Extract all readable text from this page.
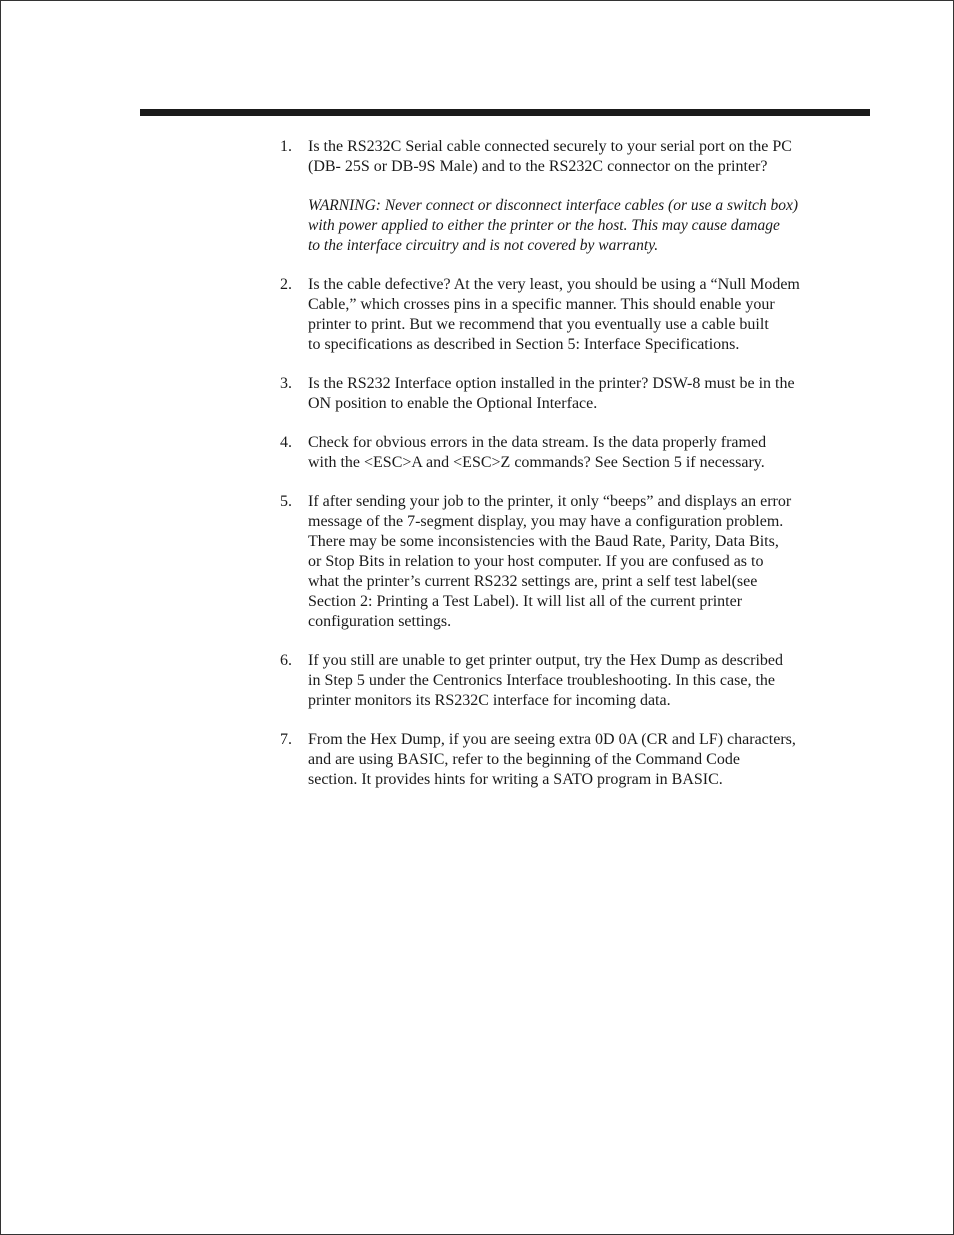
1. Is the RS232C Serial cable connected securely to your serial port on the PC
(DB- 25S or DB-9S Male) and to the RS232C connector on the printer?
WARNING: Never connect or disconnect interface cables (or use a switch box)
with power applied to either the printer or the host. This may cause damage
to the interface circuitry and is not covered by warranty.
2. Is the cable defective? At the very least, you should be using a “Null Modem
Cable,” which crosses pins in a specific manner. This should enable your
printer to print. But we recommend that you eventually use a cable built
to specifications as described in Section 5: Interface Specifications.
3. Is the RS232 Interface option installed in the printer? DSW-8 must be in the
ON position to enable the Optional Interface.
4. Check for obvious errors in the data stream. Is the data properly framed
with the <ESC>A and <ESC>Z commands? See Section 5 if necessary.
5. If after sending your job to the printer, it only “beeps” and displays an error
message of the 7-segment display, you may have a configuration problem.
There may be some inconsistencies with the Baud Rate, Parity, Data Bits,
or Stop Bits in relation to your host computer. If you are confused as to
what the printer’s current RS232 settings are, print a self test label(see
Section 2: Printing a Test Label). It will list all of the current printer
configuration settings.
6. If you still are unable to get printer output, try the Hex Dump as described
in Step 5 under the Centronics Interface troubleshooting. In this case, the
printer monitors its RS232C interface for incoming data.
7. From the Hex Dump, if you are seeing extra 0D 0A (CR and LF) characters,
and are using BASIC, refer to the beginning of the Command Code
section. It provides hints for writing a SATO program in BASIC.
